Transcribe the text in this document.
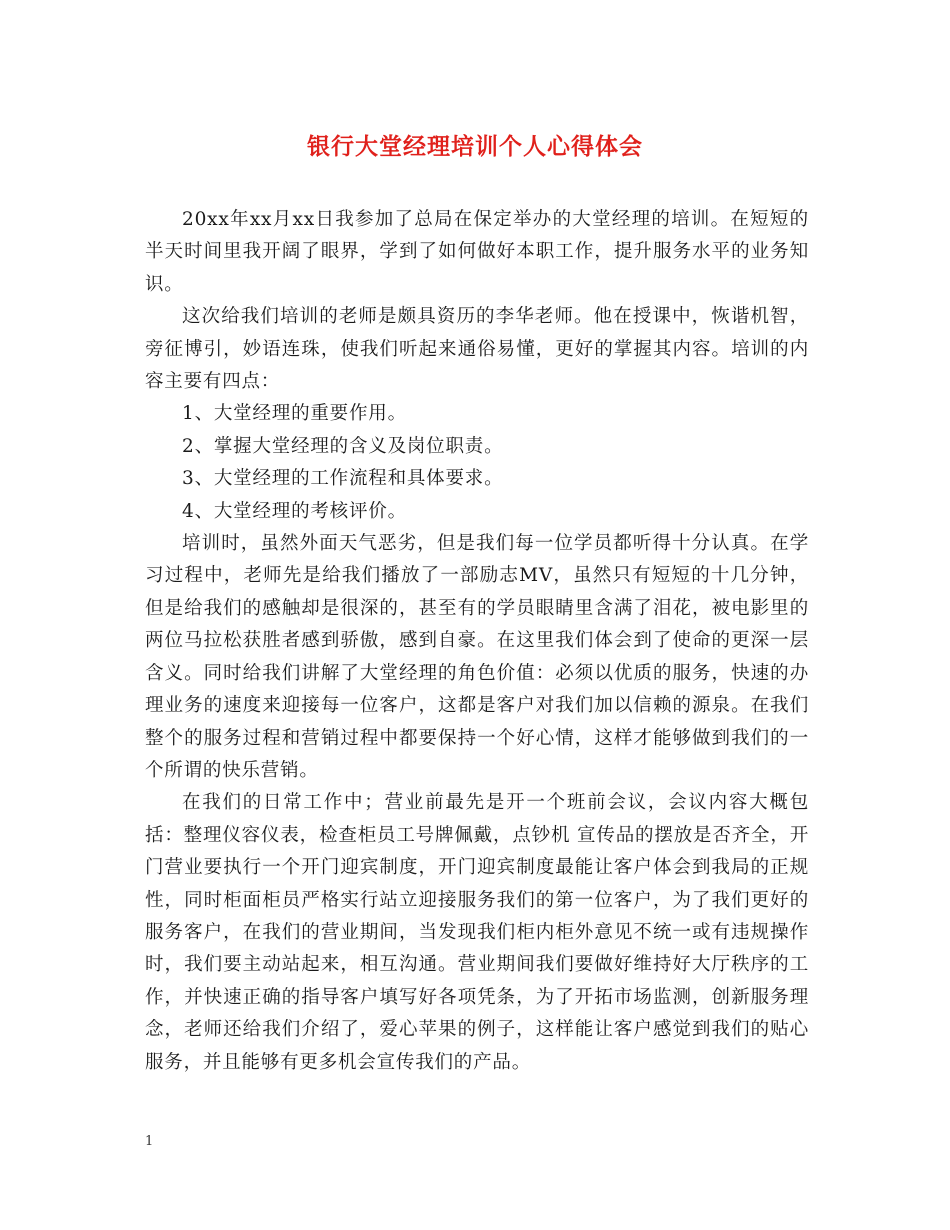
银行大堂经理培训个人心得体会

20xx年xx月xx日我参加了总局在保定举办的大堂经理的培训。在短短的半天时间里我开阔了眼界，学到了如何做好本职工作，提升服务水平的业务知识。

这次给我们培训的老师是颇具资历的李华老师。他在授课中，恢谐机智，旁征博引，妙语连珠，使我们听起来通俗易懂，更好的掌握其内容。培训的内容主要有四点：

1、大堂经理的重要作用。

2、掌握大堂经理的含义及岗位职责。

3、大堂经理的工作流程和具体要求。

4、大堂经理的考核评价。

培训时，虽然外面天气恶劣，但是我们每一位学员都听得十分认真。在学习过程中，老师先是给我们播放了一部励志MV，虽然只有短短的十几分钟，但是给我们的感触却是很深的，甚至有的学员眼睛里含满了泪花，被电影里的两位马拉松获胜者感到骄傲，感到自豪。在这里我们体会到了使命的更深一层含义。同时给我们讲解了大堂经理的角色价值：必须以优质的服务，快速的办理业务的速度来迎接每一位客户，这都是客户对我们加以信赖的源泉。在我们整个的服务过程和营销过程中都要保持一个好心情，这样才能够做到我们的一个所谓的快乐营销。

在我们的日常工作中；营业前最先是开一个班前会议，会议内容大概包括：整理仪容仪表，检查柜员工号牌佩戴，点钞机 宣传品的摆放是否齐全，开门营业要执行一个开门迎宾制度，开门迎宾制度最能让客户体会到我局的正规性，同时柜面柜员严格实行站立迎接服务我们的第一位客户，为了我们更好的服务客户，在我们的营业期间，当发现我们柜内柜外意见不统一或有违规操作时，我们要主动站起来，相互沟通。营业期间我们要做好维持好大厅秩序的工作，并快速正确的指导客户填写好各项凭条，为了开拓市场监测，创新服务理念，老师还给我们介绍了，爱心苹果的例子，这样能让客户感觉到我们的贴心服务，并且能够有更多机会宣传我们的产品。

1
